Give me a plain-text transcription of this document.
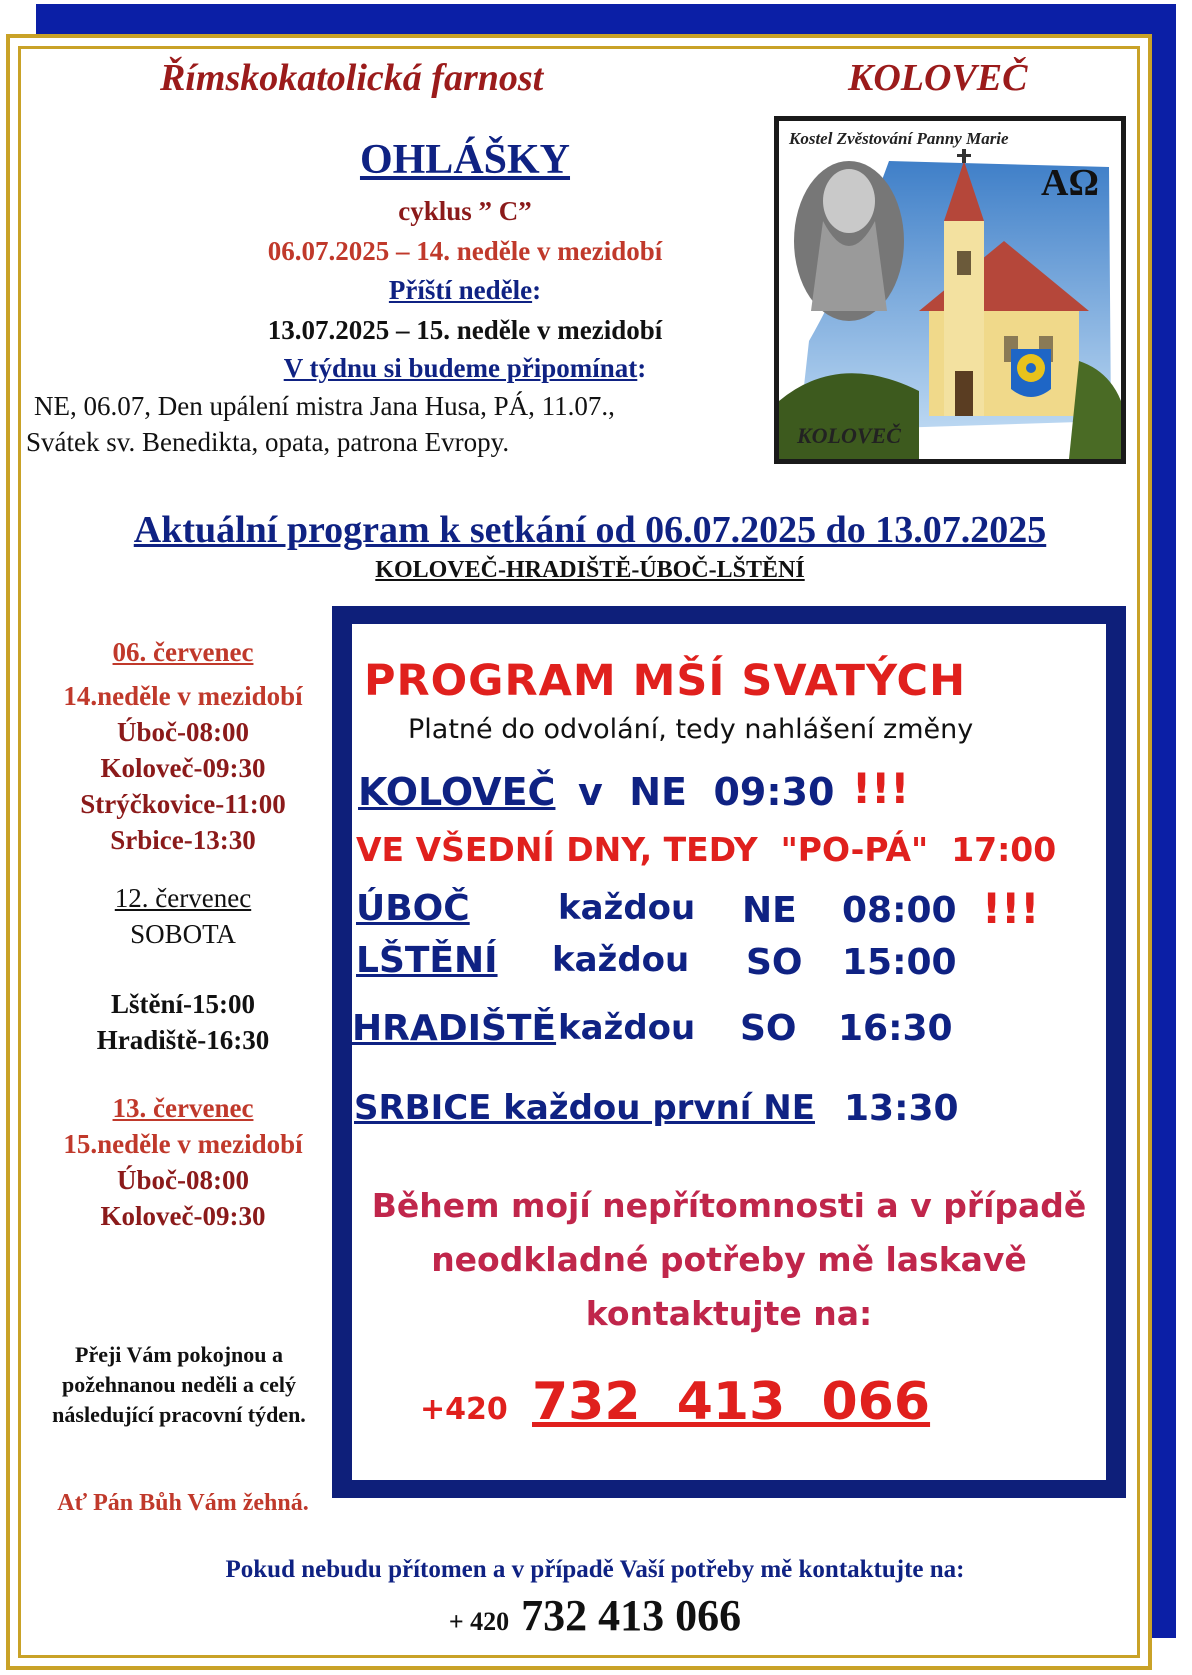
Římskokatolická farnost	KOLOVEČ
OHLÁŠKY
cyklus ” C”
06.07.2025 – 14. neděle v mezidobí
Příští neděle:
13.07.2025 – 15. neděle v mezidobí
V týdnu si budeme připomínat:
NE, 06.07, Den upálení mistra Jana Husa, PÁ, 11.07.,
Svátek sv. Benedikta, opata, patrona Evropy.
Kostel Zvěstování Panny Marie
AΩ
KOLOVEČ
Aktuální program k setkání od 06.07.2025 do 13.07.2025
KOLOVEČ-HRADIŠTĚ-ÚBOČ-LŠTĚNÍ
06. červenec
14.neděle v mezidobí
Úboč-08:00
Koloveč-09:30
Strýčkovice-11:00
Srbice-13:30
12. červenec
SOBOTA
Lštění-15:00
Hradiště-16:30
13. červenec
15.neděle v mezidobí
Úboč-08:00
Koloveč-09:30
Přeji Vám pokojnou a požehnanou neděli a celý následující pracovní týden.
Ať Pán Bůh Vám žehná.
PROGRAM MŠÍ SVATÝCH
Platné do odvolání, tedy nahlášení změny
KOLOVEČ v  NE  09:30 !!!
VE VŠEDNÍ DNY, TEDY  "PO-PÁ"  17:00
ÚBOČ	každou NE 08:00 !!!
LŠTĚNÍ každou SO 15:00
HRADIŠTĚ každou SO 16:30
SRBICE každou první NE 13:30
Během mojí nepřítomnosti a v případě
neodkladné potřeby mě laskavě
kontaktujte na:
+420 732  413  066
Pokud nebudu přítomen a v případě Vaší potřeby mě kontaktujte na:
+ 420 732 413 066
